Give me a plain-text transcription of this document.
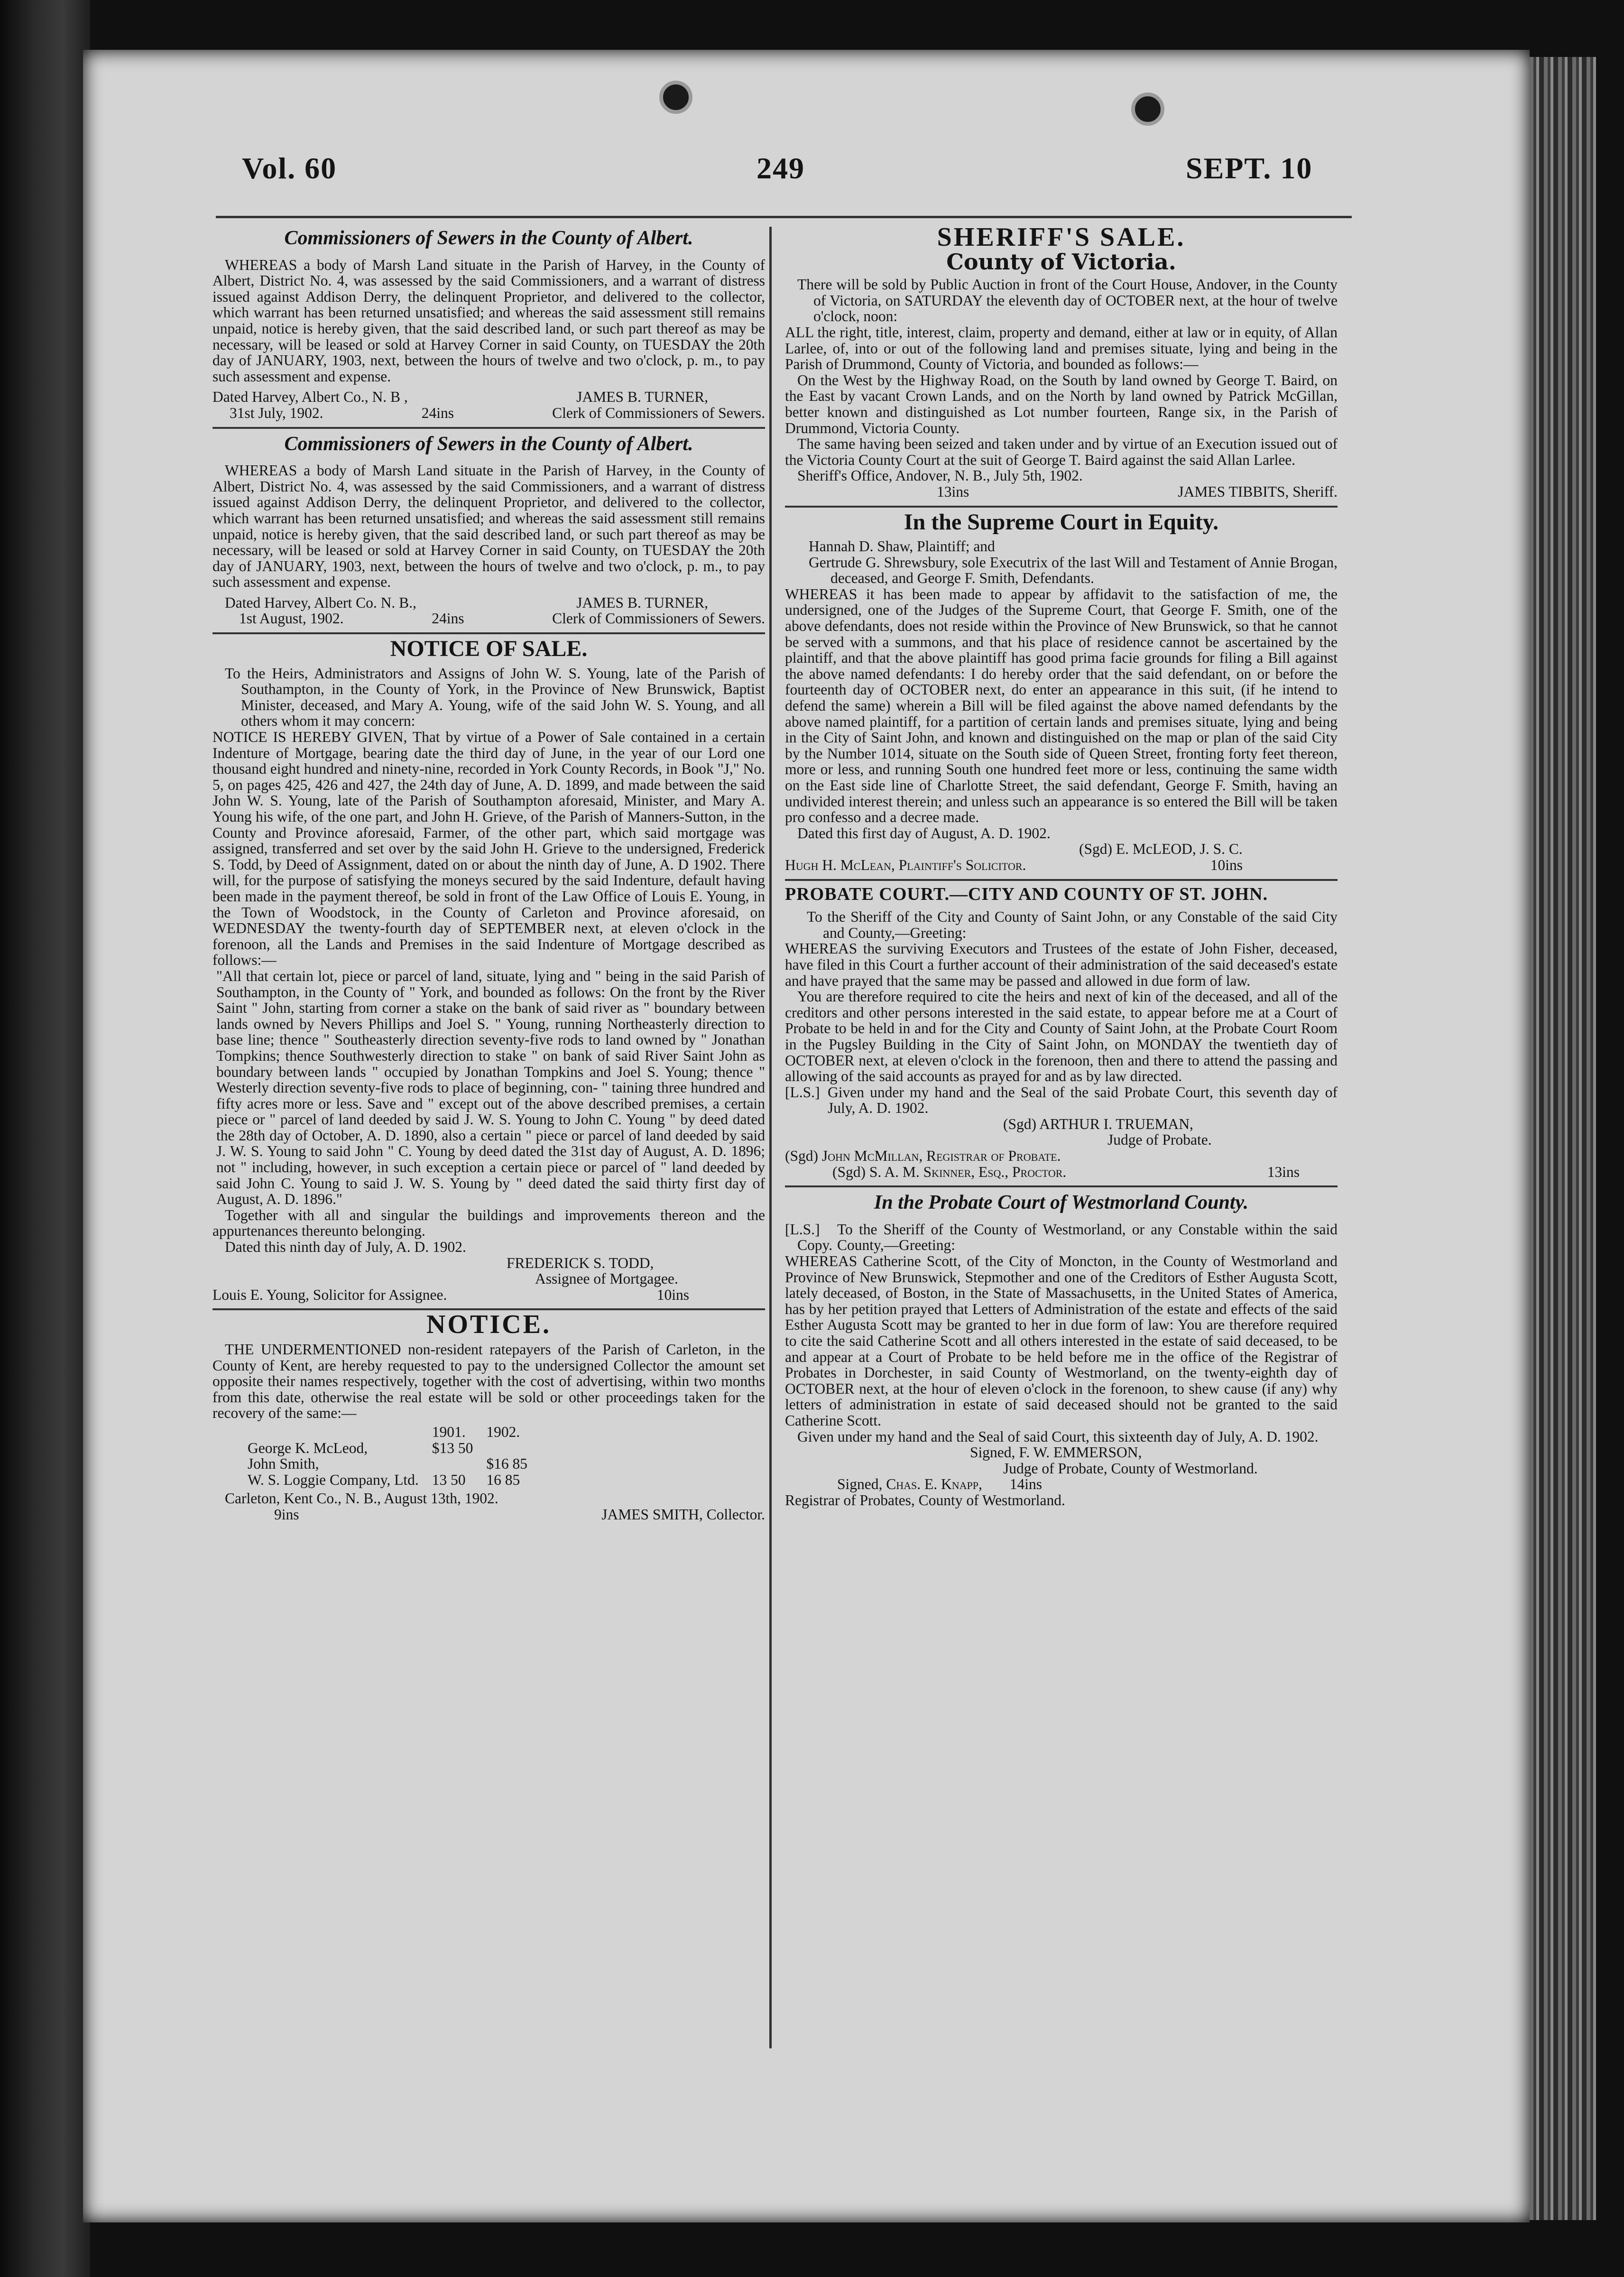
Vol. 60	249	SEPT. 10
Commissioners of Sewers in the County of Albert.

WHEREAS a body of Marsh Land situate in the Parish of Harvey, in the County of Albert, District No. 4, was assessed by the said Commissioners, and a warrant of distress issued against Addison Derry, the delinquent Proprietor, and delivered to the collector, which warrant has been returned unsatisfied; and whereas the said assessment still remains unpaid, notice is hereby given, that the said described land, or such part thereof as may be necessary, will be leased or sold at Harvey Corner in said County, on TUESDAY the 20th day of JANUARY, 1903, next, between the hours of twelve and two o'clock, p. m., to pay such assessment and expense.

Dated Harvey, Albert Co., N. B ,	JAMES B. TURNER,
31st July, 1902.	24ins	Clerk of Commissioners of Sewers.
Commissioners of Sewers in the County of Albert.

WHEREAS a body of Marsh Land situate in the Parish of Harvey, in the County of Albert, District No. 4, was assessed by the said Commissioners, and a warrant of distress issued against Addison Derry, the delinquent Proprietor, and delivered to the collector, which warrant has been returned unsatisfied; and whereas the said assessment still remains unpaid, notice is hereby given, that the said described land, or such part thereof as may be necessary, will be leased or sold at Harvey Corner in said County, on TUESDAY the 20th day of JANUARY, 1903, next, between the hours of twelve and two o'clock, p. m., to pay such assessment and expense.

Dated Harvey, Albert Co. N. B.,	JAMES B. TURNER,
1st August, 1902.	24ins	Clerk of Commissioners of Sewers.
NOTICE OF SALE.

To the Heirs, Administrators and Assigns of John W. S. Young, late of the Parish of Southampton, in the County of York, in the Province of New Brunswick, Baptist Minister, deceased, and Mary A. Young, wife of the said John W. S. Young, and all others whom it may concern:

NOTICE IS HEREBY GIVEN, That by virtue of a Power of Sale contained in a certain Indenture of Mortgage, bearing date the third day of June, in the year of our Lord one thousand eight hundred and ninety-nine, recorded in York County Records, in Book "J," No. 5, on pages 425, 426 and 427, the 24th day of June, A. D. 1899, and made between the said John W. S. Young, late of the Parish of Southampton aforesaid, Minister, and Mary A. Young his wife, of the one part, and John H. Grieve, of the Parish of Manners-Sutton, in the County and Province aforesaid, Farmer, of the other part, which said mortgage was assigned, transferred and set over by the said John H. Grieve to the undersigned, Frederick S. Todd, by Deed of Assignment, dated on or about the ninth day of June, A. D 1902. There will, for the purpose of satisfying the moneys secured by the said Indenture, default having been made in the payment thereof, be sold in front of the Law Office of Louis E. Young, in the Town of Woodstock, in the County of Carleton and Province aforesaid, on WEDNESDAY the twenty-fourth day of SEPTEMBER next, at eleven o'clock in the forenoon, all the Lands and Premises in the said Indenture of Mortgage described as follows:—

"All that certain lot, piece or parcel of land, situate, lying and " being in the said Parish of Southampton, in the County of " York, and bounded as follows: On the front by the River Saint " John, starting from corner a stake on the bank of said river as " boundary between lands owned by Nevers Phillips and Joel S. " Young, running Northeasterly direction to base line; thence " Southeasterly direction seventy-five rods to land owned by " Jonathan Tompkins; thence Southwesterly direction to stake " on bank of said River Saint John as boundary between lands " occupied by Jonathan Tompkins and Joel S. Young; thence " Westerly direction seventy-five rods to place of beginning, con- " taining three hundred and fifty acres more or less. Save and " except out of the above described premises, a certain piece or " parcel of land deeded by said J. W. S. Young to John C. Young " by deed dated the 28th day of October, A. D. 1890, also a certain " piece or parcel of land deeded by said J. W. S. Young to said John " C. Young by deed dated the 31st day of August, A. D. 1896; not " including, however, in such exception a certain piece or parcel of " land deeded by said John C. Young to said J. W. S. Young by " deed dated the said thirty first day of August, A. D. 1896."

Together with all and singular the buildings and improvements thereon and the appurtenances thereunto belonging.

Dated this ninth day of July, A. D. 1902.

FREDERICK S. TODD,
Assignee of Mortgagee.
Louis E. Young, Solicitor for Assignee.	10ins
NOTICE.

THE UNDERMENTIONED non-resident ratepayers of the Parish of Carleton, in the County of Kent, are hereby requested to pay to the undersigned Collector the amount set opposite their names respectively, together with the cost of advertising, within two months from this date, otherwise the real estate will be sold or other proceedings taken for the recovery of the same:—

	1901.	1902.
George K. McLeod,	$13 50	
John Smith,		$16 85
W. S. Loggie Company, Ltd.	13 50	16 85

Carleton, Kent Co., N. B., August 13th, 1902.

9ins	JAMES SMITH, Collector.
SHERIFF'S SALE.
County of Victoria.

There will be sold by Public Auction in front of the Court House, Andover, in the County of Victoria, on SATURDAY the eleventh day of OCTOBER next, at the hour of twelve o'clock, noon:

ALL the right, title, interest, claim, property and demand, either at law or in equity, of Allan Larlee, of, into or out of the following land and premises situate, lying and being in the Parish of Drummond, County of Victoria, and bounded as follows:—

On the West by the Highway Road, on the South by land owned by George T. Baird, on the East by vacant Crown Lands, and on the North by land owned by Patrick McGillan, better known and distinguished as Lot number fourteen, Range six, in the Parish of Drummond, Victoria County.

The same having been seized and taken under and by virtue of an Execution issued out of the Victoria County Court at the suit of George T. Baird against the said Allan Larlee.

Sheriff's Office, Andover, N. B., July 5th, 1902.

13ins	JAMES TIBBITS, Sheriff.
In the Supreme Court in Equity.

Hannah D. Shaw, Plaintiff; and

Gertrude G. Shrewsbury, sole Executrix of the last Will and Testament of Annie Brogan, deceased, and George F. Smith, Defendants.

WHEREAS it has been made to appear by affidavit to the satisfaction of me, the undersigned, one of the Judges of the Supreme Court, that George F. Smith, one of the above defendants, does not reside within the Province of New Brunswick, so that he cannot be served with a summons, and that his place of residence cannot be ascertained by the plaintiff, and that the above plaintiff has good prima facie grounds for filing a Bill against the above named defendants: I do hereby order that the said defendant, on or before the fourteenth day of OCTOBER next, do enter an appearance in this suit, (if he intend to defend the same) wherein a Bill will be filed against the above named defendants by the above named plaintiff, for a partition of certain lands and premises situate, lying and being in the City of Saint John, and known and distinguished on the map or plan of the said City by the Number 1014, situate on the South side of Queen Street, fronting forty feet thereon, more or less, and running South one hundred feet more or less, continuing the same width on the East side line of Charlotte Street, the said defendant, George F. Smith, having an undivided interest therein; and unless such an appearance is so entered the Bill will be taken pro confesso and a decree made.

Dated this first day of August, A. D. 1902.

(Sgd) E. McLEOD, J. S. C.
Hugh H. McLean, Plaintiff's Solicitor.	10ins
PROBATE COURT.—CITY AND COUNTY OF ST. JOHN.

To the Sheriff of the City and County of Saint John, or any Constable of the said City and County,—Greeting:

WHEREAS the surviving Executors and Trustees of the estate of John Fisher, deceased, have filed in this Court a further account of their administration of the said deceased's estate and have prayed that the same may be passed and allowed in due form of law.

You are therefore required to cite the heirs and next of kin of the deceased, and all of the creditors and other persons interested in the said estate, to appear before me at a Court of Probate to be held in and for the City and County of Saint John, at the Probate Court Room in the Pugsley Building in the City of Saint John, on MONDAY the twentieth day of OCTOBER next, at eleven o'clock in the forenoon, then and there to attend the passing and allowing of the said accounts as prayed for and as by law directed.

[L.S.] Given under my hand and the Seal of the said Probate Court, this seventh day of July, A. D. 1902.

(Sgd) ARTHUR I. TRUEMAN,
Judge of Probate.
(Sgd) John McMillan, Registrar of Probate.
(Sgd) S. A. M. Skinner, Esq., Proctor.	13ins
In the Probate Court of Westmorland County.
[L.S.]
Copy.

To the Sheriff of the County of Westmorland, or any Constable within the said County,—Greeting:

WHEREAS Catherine Scott, of the City of Moncton, in the County of Westmorland and Province of New Brunswick, Stepmother and one of the Creditors of Esther Augusta Scott, lately deceased, of Boston, in the State of Massachusetts, in the United States of America, has by her petition prayed that Letters of Administration of the estate and effects of the said Esther Augusta Scott may be granted to her in due form of law: You are therefore required to cite the said Catherine Scott and all others interested in the estate of said deceased, to be and appear at a Court of Probate to be held before me in the office of the Registrar of Probates in Dorchester, in said County of Westmorland, on the twenty-eighth day of OCTOBER next, at the hour of eleven o'clock in the forenoon, to shew cause (if any) why letters of administration in estate of said deceased should not be granted to the said Catherine Scott.

Given under my hand and the Seal of said Court, this sixteenth day of July, A. D. 1902.

Signed, F. W. EMMERSON,
Judge of Probate, County of Westmorland.
Signed, Chas. E. Knapp, 14ins
Registrar of Probates, County of Westmorland.
